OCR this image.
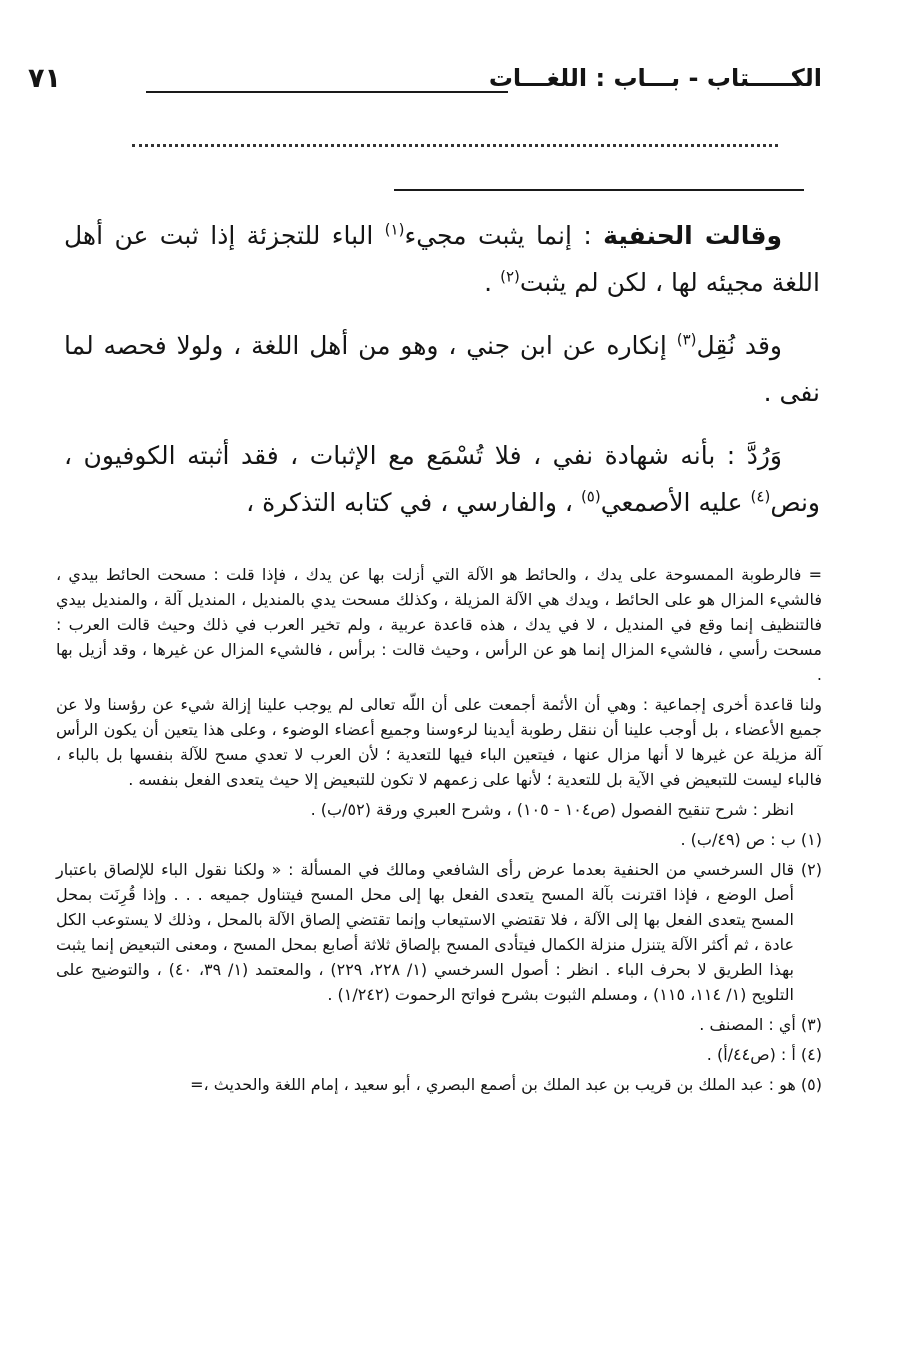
الكـــــتاب - بـــاب : اللغـــات
٧١

وقالت الحنفية : إنما يثبت مجيء$^{(١)}$ الباء للتجزئة إذا ثبت عن أهل اللغة مجيئه لها ، لكن لم يثبت$^{(٢)}$ .

وقد نُقِل$^{(٣)}$ إنكاره عن ابن جني ، وهو من أهل اللغة ، ولولا فحصه لما نفى .

وَرُدَّ : بأنه شهادة نفي ، فلا تُسْمَع مع الإثبات ، فقد أثبته الكوفيون ، ونص$^{(٤)}$ عليه الأصمعي$^{(٥)}$ ، والفارسي ، في كتابه التذكرة ،

= فالرطوبة الممسوحة على يدك ، والحائط هو الآلة التي أزلت بها عن يدك ، فإذا قلت : مسحت الحائط بيدي ، فالشيء المزال هو على الحائط ، ويدك هي الآلة المزيلة ، وكذلك مسحت يدي بالمنديل ، المنديل آلة ، والمنديل بيدي فالتنظيف إنما وقع في المنديل ، لا في يدك ، هذه قاعدة عربية ، ولم تخير العرب في ذلك وحيث قالت العرب : مسحت رأسي ، فالشيء المزال إنما هو عن الرأس ، وحيث قالت : برأس ، فالشيء المزال عن غيرها ، وقد أزيل بها .

ولنا قاعدة أخرى إجماعية : وهي أن الأئمة أجمعت على أن اللّه تعالى لم يوجب علينا إزالة شيء عن رؤسنا ولا عن جميع الأعضاء ، بل أوجب علينا أن ننقل رطوبة أيدينا لرءوسنا وجميع أعضاء الوضوء ، وعلى هذا يتعين أن يكون الرأس آلة مزيلة عن غيرها لا أنها مزال عنها ، فيتعين الباء فيها للتعدية ؛ لأن العرب لا تعدي مسح للآلة بنفسها بل بالباء ، فالباء ليست للتبعيض في الآية بل للتعدية ؛ لأنها على زعمهم لا تكون للتبعيض إلا حيث يتعدى الفعل بنفسه .

انظر : شرح تنقيح الفصول (ص١٠٤ - ١٠٥) ، وشرح العبري ورقة (٥٢/ب) .

(١) ب : ص (٤٩/ب) .

(٢) قال السرخسي من الحنفية بعدما عرض رأى الشافعي ومالك في المسألة : « ولكنا نقول الباء للإلصاق باعتبار أصل الوضع ، فإذا اقترنت بآلة المسح يتعدى الفعل بها إلى محل المسح فيتناول جميعه . . . وإذا قُرِنَت بمحل المسح يتعدى الفعل بها إلى الآلة ، فلا تقتضي الاستيعاب وإنما تقتضي إلصاق الآلة بالمحل ، وذلك لا يستوعب الكل عادة ، ثم أكثر الآلة يتنزل منزلة الكمال فيتأدى المسح بإلصاق ثلاثة أصابع بمحل المسح ، ومعنى التبعيض إنما يثبت بهذا الطريق لا بحرف الباء . انظر : أصول السرخسي (١/ ٢٢٨، ٢٢٩) ، والمعتمد (١/ ٣٩، ٤٠) ، والتوضيح على التلويح (١/ ١١٤، ١١٥) ، ومسلم الثبوت بشرح فواتح الرحموت (١/٢٤٢) .

(٣) أي : المصنف .

(٤) أ : (ص٤٤/أ) .

(٥) هو : عبد الملك بن قريب بن عبد الملك بن أصمع البصري ، أبو سعيد ، إمام اللغة والحديث ،=
